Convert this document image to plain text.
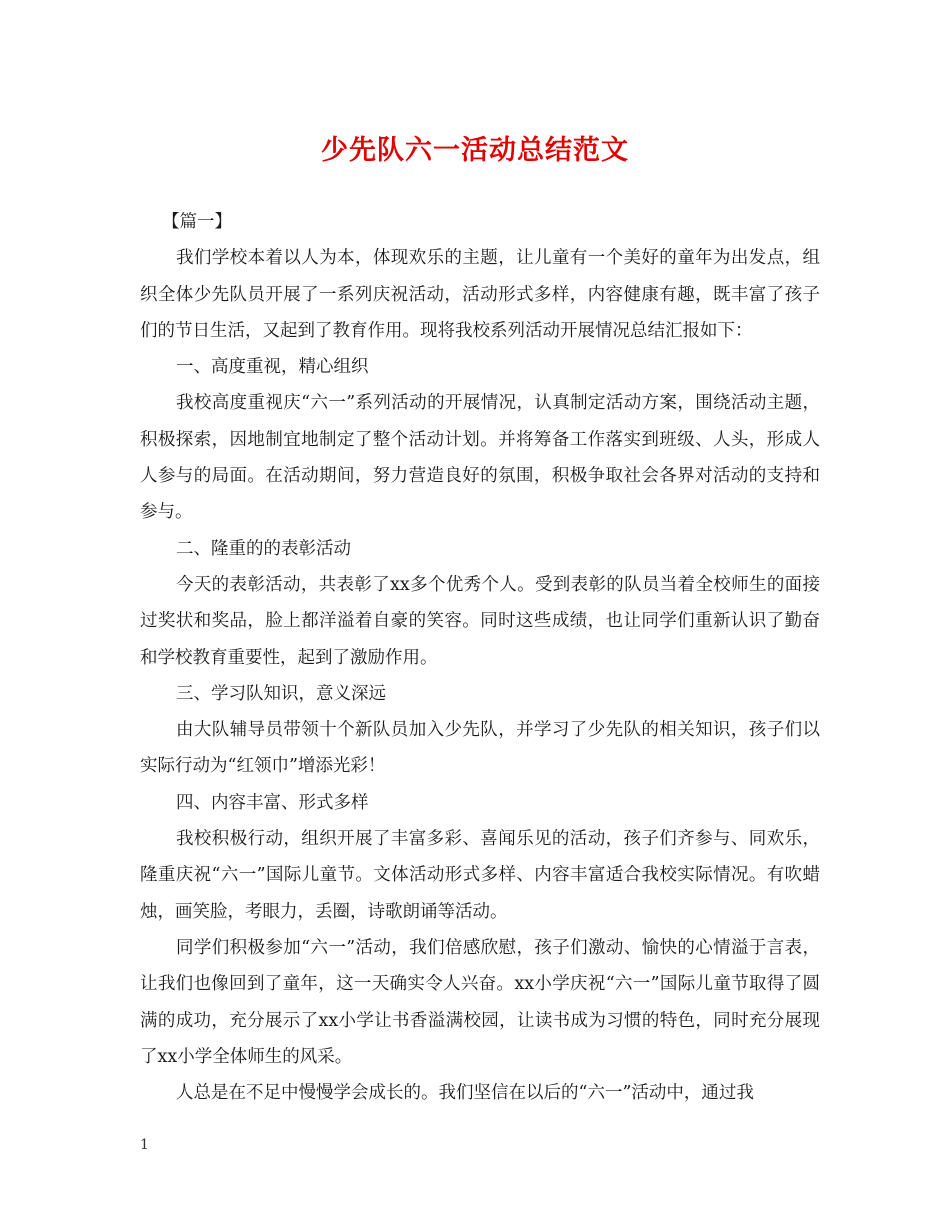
少先队六一活动总结范文

【篇一】

我们学校本着以人为本，体现欢乐的主题，让儿童有一个美好的童年为出发点，组织全体少先队员开展了一系列庆祝活动，活动形式多样，内容健康有趣，既丰富了孩子们的节日生活，又起到了教育作用。现将我校系列活动开展情况总结汇报如下：

一、高度重视，精心组织

我校高度重视庆“六一”系列活动的开展情况，认真制定活动方案，围绕活动主题，积极探索，因地制宜地制定了整个活动计划。并将筹备工作落实到班级、人头，形成人人参与的局面。在活动期间，努力营造良好的氛围，积极争取社会各界对活动的支持和参与。

二、隆重的的表彰活动

今天的表彰活动，共表彰了xx多个优秀个人。受到表彰的队员当着全校师生的面接过奖状和奖品，脸上都洋溢着自豪的笑容。同时这些成绩，也让同学们重新认识了勤奋和学校教育重要性，起到了激励作用。

三、学习队知识，意义深远

由大队辅导员带领十个新队员加入少先队，并学习了少先队的相关知识，孩子们以实际行动为“红领巾”增添光彩！

四、内容丰富、形式多样

我校积极行动，组织开展了丰富多彩、喜闻乐见的活动，孩子们齐参与、同欢乐，隆重庆祝“六一”国际儿童节。文体活动形式多样、内容丰富适合我校实际情况。有吹蜡烛，画笑脸，考眼力，丢圈，诗歌朗诵等活动。

同学们积极参加“六一”活动，我们倍感欣慰，孩子们激动、愉快的心情溢于言表，让我们也像回到了童年，这一天确实令人兴奋。xx小学庆祝“六一”国际儿童节取得了圆满的成功，充分展示了xx小学让书香溢满校园，让读书成为习惯的特色，同时充分展现了xx小学全体师生的风采。

人总是在不足中慢慢学会成长的。我们坚信在以后的“六一”活动中，通过我

1
